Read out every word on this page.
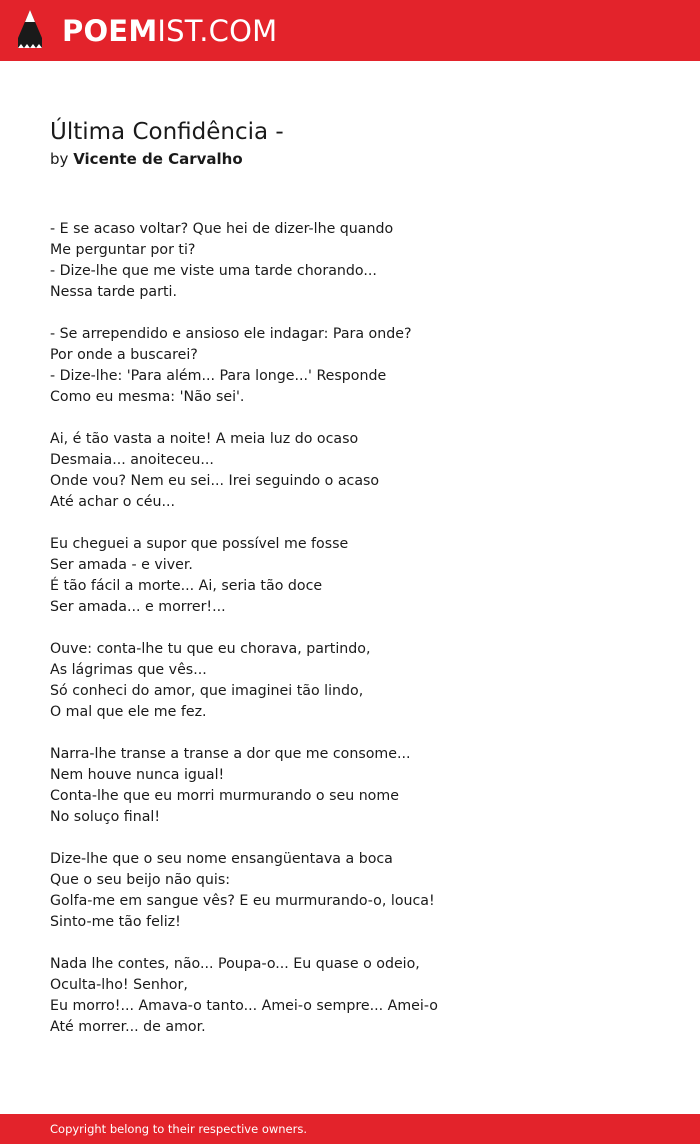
POEMIST.COM
Última Confidência -
by Vicente de Carvalho
- E se acaso voltar? Que hei de dizer-lhe quando
Me perguntar por ti?
- Dize-lhe que me viste uma tarde chorando...
Nessa tarde parti.
- Se arrependido e ansioso ele indagar: Para onde?
Por onde a buscarei?
- Dize-lhe: 'Para além... Para longe...' Responde
Como eu mesma: 'Não sei'.
Ai, é tão vasta a noite! A meia luz do ocaso
Desmaia... anoiteceu...
Onde vou? Nem eu sei... Irei seguindo o acaso
Até achar o céu...
Eu cheguei a supor que possível me fosse
Ser amada - e viver.
É tão fácil a morte... Ai, seria tão doce
Ser amada... e morrer!...
Ouve: conta-lhe tu que eu chorava, partindo,
As lágrimas que vês...
Só conheci do amor, que imaginei tão lindo,
O mal que ele me fez.
Narra-lhe transe a transe a dor que me consome...
Nem houve nunca igual!
Conta-lhe que eu morri murmurando o seu nome
No soluço final!
Dize-lhe que o seu nome ensangüentava a boca
Que o seu beijo não quis:
Golfa-me em sangue vês? E eu murmurando-o, louca!
Sinto-me tão feliz!
Nada lhe contes, não... Poupa-o... Eu quase o odeio,
Oculta-lho! Senhor,
Eu morro!... Amava-o tanto... Amei-o sempre... Amei-o
Até morrer... de amor.
Copyright belong to their respective owners.
